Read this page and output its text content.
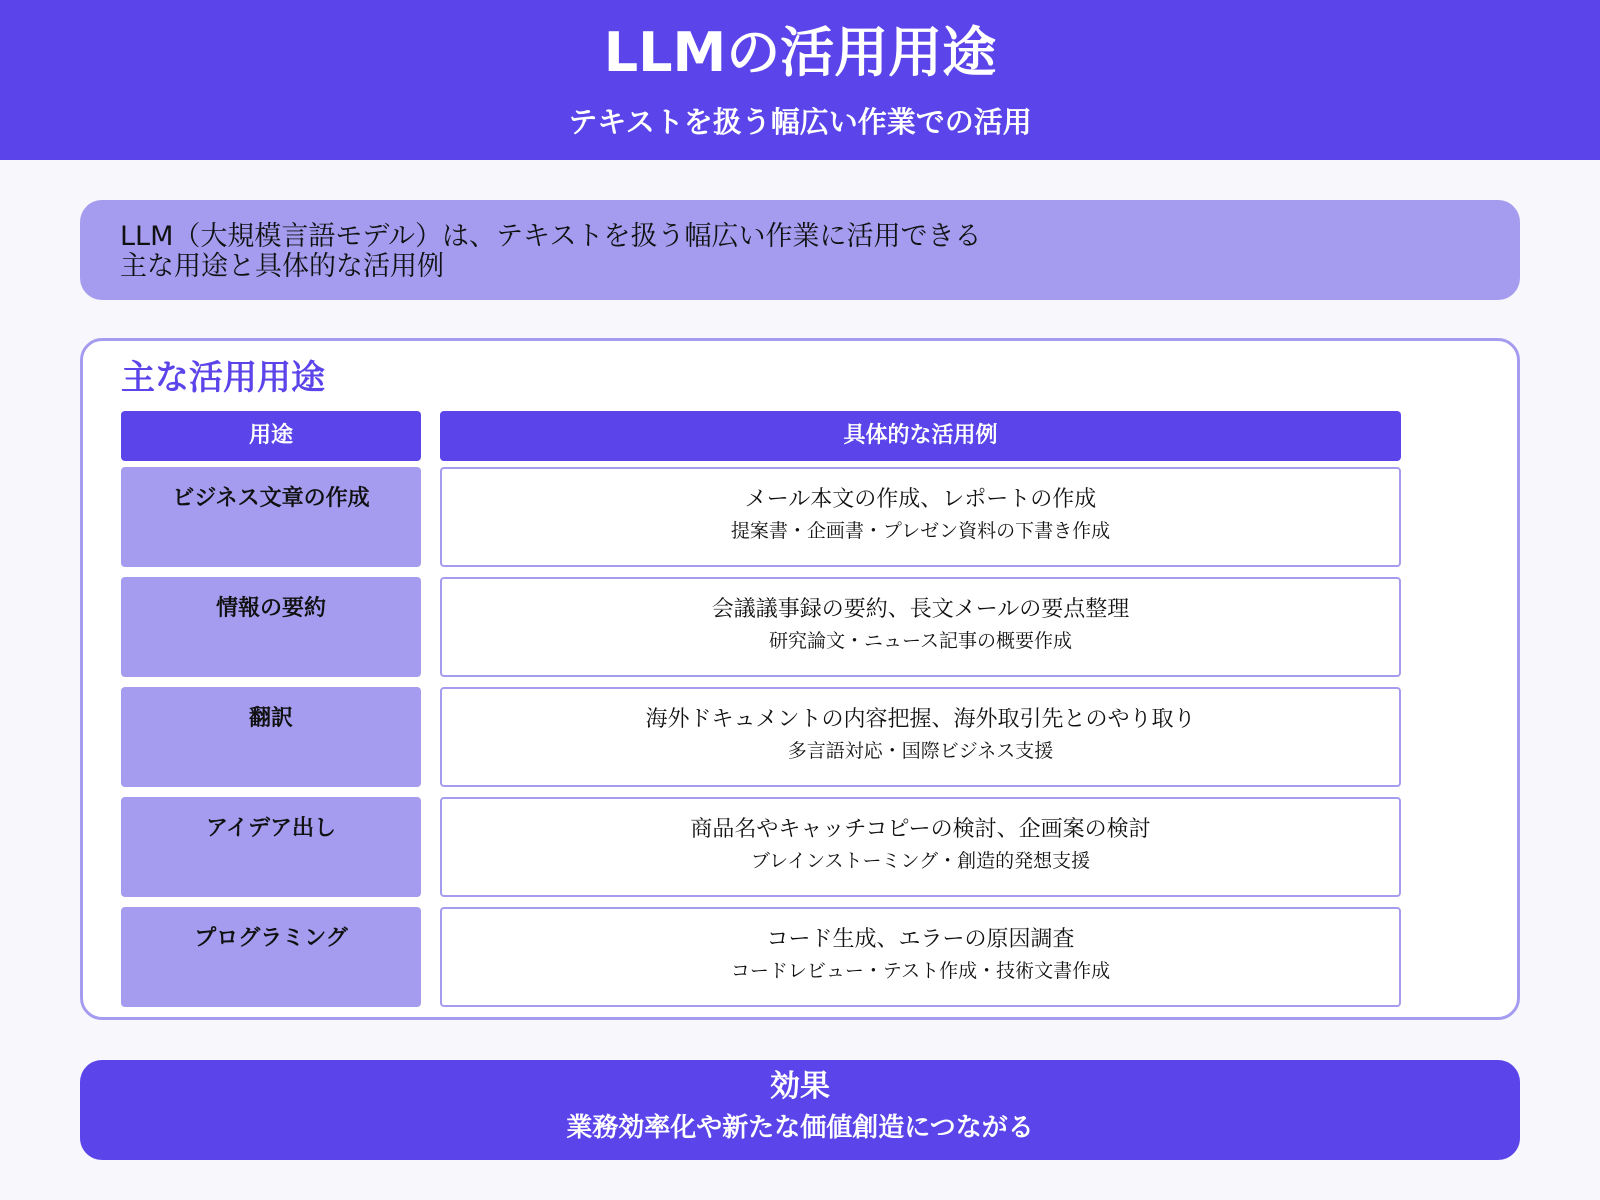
LLMの活用用途
テキストを扱う幅広い作業での活用
LLM（大規模言語モデル）は、テキストを扱う幅広い作業に活用できる
主な用途と具体的な活用例
主な活用用途
用途	具体的な活用例
ビジネス文章の作成	メール本文の作成、レポートの作成
提案書・企画書・プレゼン資料の下書き作成
情報の要約	会議議事録の要約、長文メールの要点整理
研究論文・ニュース記事の概要作成
翻訳	海外ドキュメントの内容把握、海外取引先とのやり取り
多言語対応・国際ビジネス支援
アイデア出し	商品名やキャッチコピーの検討、企画案の検討
ブレインストーミング・創造的発想支援
プログラミング	コード生成、エラーの原因調査
コードレビュー・テスト作成・技術文書作成
効果
業務効率化や新たな価値創造につながる
